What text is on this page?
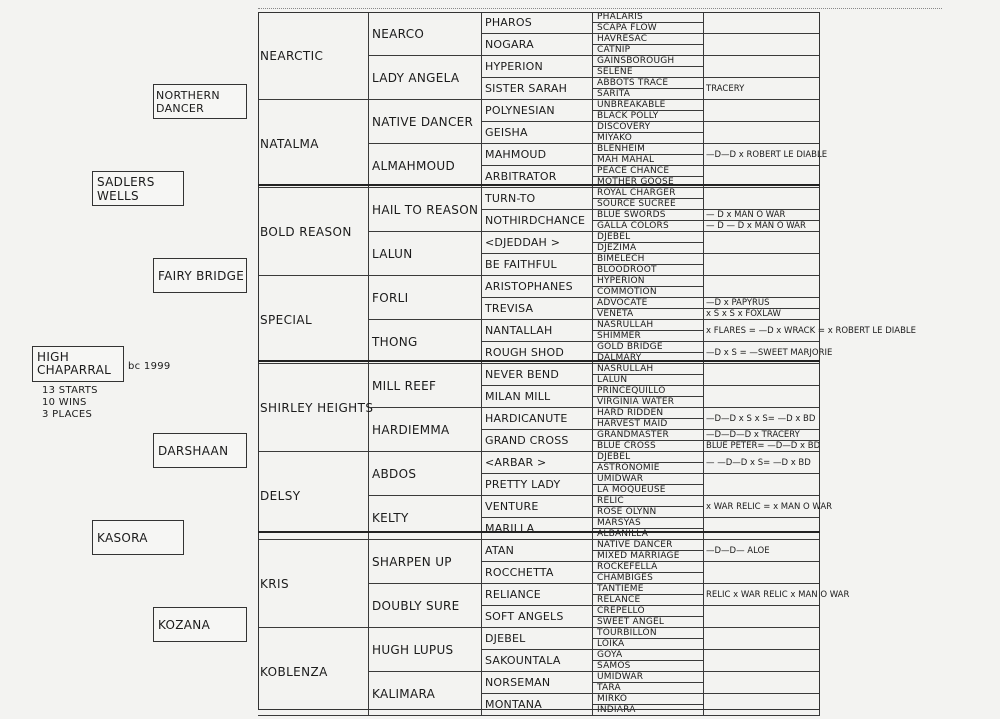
HIGH
CHAPARRAL bc 1999
13 STARTS
10 WINS
3 PLACES
SADLERS WELLS
KASORA
NORTHERN DANCER
FAIRY BRIDGE
DARSHAAN
KOZANA
NEARCTIC
NATALMA
BOLD REASON
SPECIAL
SHIRLEY HEIGHTS
DELSY
KRIS
KOBLENZA
NEARCO
LADY ANGELA
NATIVE DANCER
ALMAHMOUD
HAIL TO REASON
LALUN
FORLI
THONG
MILL REEF
HARDIEMMA
ABDOS
KELTY
SHARPEN UP
DOUBLY SURE
HUGH LUPUS
KALIMARA
PHAROS
NOGARA
HYPERION
SISTER SARAH
POLYNESIAN
GEISHA
MAHMOUD
ARBITRATOR
TURN-TO
NOTHIRDCHANCE
<DJEDDAH >
BE FAITHFUL
ARISTOPHANES
TREVISA
NANTALLAH
ROUGH SHOD
NEVER BEND
MILAN MILL
HARDICANUTE
GRAND CROSS
<ARBAR >
PRETTY LADY
VENTURE
MARILLA
ATAN
ROCCHETTA
RELIANCE
SOFT ANGELS
DJEBEL
SAKOUNTALA
NORSEMAN
MONTANA
PHALARIS
SCAPA FLOW
HAVRESAC
CATNIP
GAINSBOROUGH
SELENE
ABBOTS TRACE
SARITA
UNBREAKABLE
BLACK POLLY
DISCOVERY
MIYAKO
BLENHEIM
MAH MAHAL
PEACE CHANCE
MOTHER GOOSE
ROYAL CHARGER
SOURCE SUCREE
BLUE SWORDS
GALLA COLORS
DJEBEL
DJEZIMA
BIMELECH
BLOODROOT
HYPERION
COMMOTION
ADVOCATE
VENETA
NASRULLAH
SHIMMER
GOLD BRIDGE
DALMARY
NASRULLAH
LALUN
PRINCEQUILLO
VIRGINIA WATER
HARD RIDDEN
HARVEST MAID
GRANDMASTER
BLUE CROSS
DJEBEL
ASTRONOMIE
UMIDWAR
LA MOQUEUSE
RELIC
ROSE OLYNN
MARSYAS
ALBANILLA
NATIVE DANCER
MIXED MARRIAGE
ROCKEFELLA
CHAMBIGES
TANTIEME
RELANCE
CREPELLO
SWEET ANGEL
TOURBILLON
LOIKA
GOYA
SAMOS
UMIDWAR
TARA
MIRKO
INDIARA
TRACERY
—D—D x ROBERT LE DIABLE
— D x MAN O WAR
— D — D x MAN O WAR
—D x PAPYRUS
x S x S x FOXLAW
x FLARES = —D x WRACK = x ROBERT LE DIABLE
—D x S = —SWEET MARJORIE
—D—D x S x S= —D x BD
—D—D—D x TRACERY
BLUE PETER= —D—D x BD
— —D—D x S= —D x BD
x WAR RELIC = x MAN O WAR
—D—D— ALOE
RELIC x WAR RELIC x MAN O WAR
